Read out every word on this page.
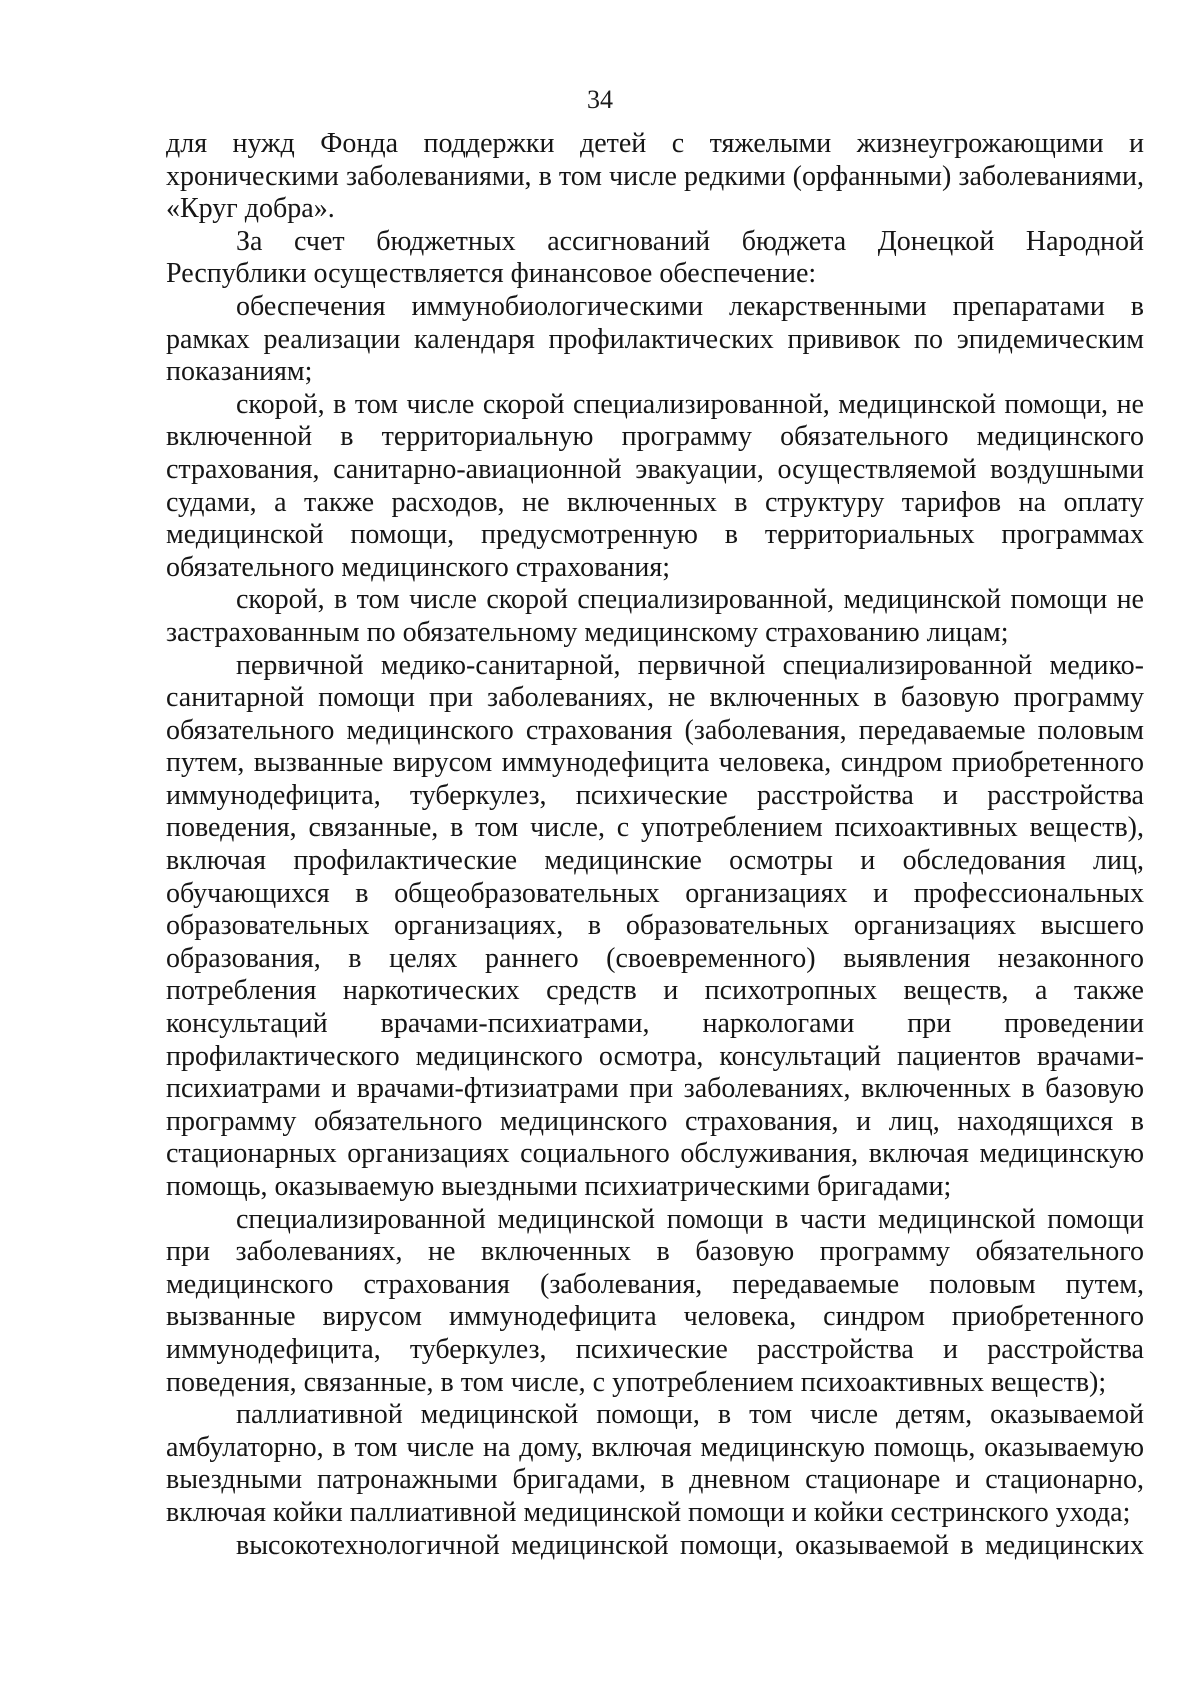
34

для нужд Фонда поддержки детей с тяжелыми жизнеугрожающими и хроническими заболеваниями, в том числе редкими (орфанными) заболеваниями, «Круг добра».

За счет бюджетных ассигнований бюджета Донецкой Народной Республики осуществляется финансовое обеспечение:

обеспечения иммунобиологическими лекарственными препаратами в рамках реализации календаря профилактических прививок по эпидемическим показаниям;

скорой, в том числе скорой специализированной, медицинской помощи, не включенной в территориальную программу обязательного медицинского страхования, санитарно-авиационной эвакуации, осуществляемой воздушными судами, а также расходов, не включенных в структуру тарифов на оплату медицинской помощи, предусмотренную в территориальных программах обязательного медицинского страхования;

скорой, в том числе скорой специализированной, медицинской помощи не застрахованным по обязательному медицинскому страхованию лицам;

первичной медико-санитарной, первичной специализированной медико-санитарной помощи при заболеваниях, не включенных в базовую программу обязательного медицинского страхования (заболевания, передаваемые половым путем, вызванные вирусом иммунодефицита человека, синдром приобретенного иммунодефицита, туберкулез, психические расстройства и расстройства поведения, связанные, в том числе, с употреблением психоактивных веществ), включая профилактические медицинские осмотры и обследования лиц, обучающихся в общеобразовательных организациях и профессиональных образовательных организациях, в образовательных организациях высшего образования, в целях раннего (своевременного) выявления незаконного потребления наркотических средств и психотропных веществ, а также консультаций врачами-психиатрами, наркологами при проведении профилактического медицинского осмотра, консультаций пациентов врачами-психиатрами и врачами-фтизиатрами при заболеваниях, включенных в базовую программу обязательного медицинского страхования, и лиц, находящихся в стационарных организациях социального обслуживания, включая медицинскую помощь, оказываемую выездными психиатрическими бригадами;

специализированной медицинской помощи в части медицинской помощи при заболеваниях, не включенных в базовую программу обязательного медицинского страхования (заболевания, передаваемые половым путем, вызванные вирусом иммунодефицита человека, синдром приобретенного иммунодефицита, туберкулез, психические расстройства и расстройства поведения, связанные, в том числе, с употреблением психоактивных веществ);

паллиативной медицинской помощи, в том числе детям, оказываемой амбулаторно, в том числе на дому, включая медицинскую помощь, оказываемую выездными патронажными бригадами, в дневном стационаре и стационарно, включая койки паллиативной медицинской помощи и койки сестринского ухода;

высокотехнологичной медицинской помощи, оказываемой в медицинских
